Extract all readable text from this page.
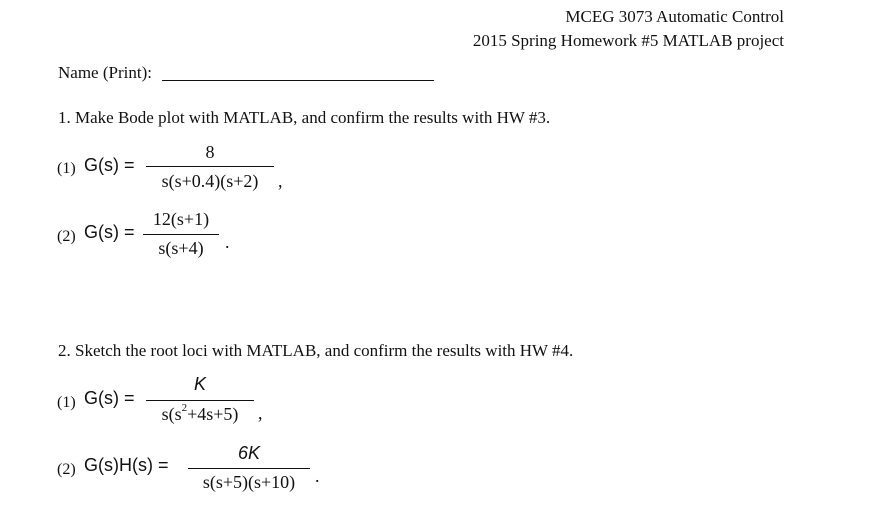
MCEG 3073 Automatic Control
2015 Spring Homework #5 MATLAB project
Name (Print):
1. Make Bode plot with MATLAB, and confirm the results with HW #3.
(1) G(s) =
8
s(s+0.4)(s+2)	,
(2) G(s) =
12(s+1)
s(s+4)	.
2. Sketch the root loci with MATLAB, and confirm the results with HW #4.
(1) G(s) =
K
$s(s^2+4s+5)$	,
(2) G(s)H(s) =
6K
s(s+5)(s+10)	.
